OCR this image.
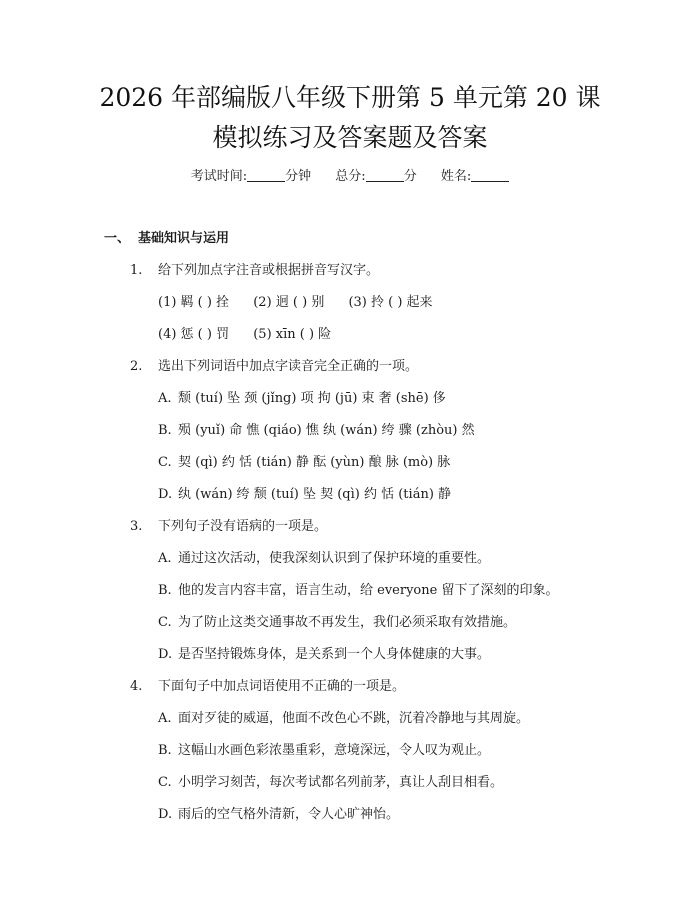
2026 年部编版八年级下册第 5 单元第 20 课
模拟练习及答案题及答案
考试时间:	分钟 总分:	分 姓名:
一、 基础知识与运用
1. 给下列加点字注音或根据拼音写汉字。
(1) 羁 ( ) 拴 (2) 迥 ( ) 别 (3) 拎 ( ) 起来
(4) 惩 ( ) 罚 (5) xīn ( ) 险
2. 选出下列词语中加点字读音完全正确的一项。
A. 颓 (tuí) 坠 颈 (jǐng) 项 拘 (jū) 束 奢 (shē) 侈
B. 殒 (yuǐ) 命 憔 (qiáo) 憔 纨 (wán) 绔 骤 (zhòu) 然
C. 契 (qì) 约 恬 (tián) 静 酝 (yùn) 酿 脉 (mò) 脉
D. 纨 (wán) 绔 颓 (tuí) 坠 契 (qì) 约 恬 (tián) 静
3. 下列句子没有语病的一项是。
A. 通过这次活动，使我深刻认识到了保护环境的重要性。
B. 他的发言内容丰富，语言生动，给 everyone 留下了深刻的印象。
C. 为了防止这类交通事故不再发生，我们必须采取有效措施。
D. 是否坚持锻炼身体，是关系到一个人身体健康的大事。
4. 下面句子中加点词语使用不正确的一项是。
A. 面对歹徒的威逼，他面不改色心不跳，沉着冷静地与其周旋。
B. 这幅山水画色彩浓墨重彩，意境深远，令人叹为观止。
C. 小明学习刻苦，每次考试都名列前茅，真让人刮目相看。
D. 雨后的空气格外清新，令人心旷神怡。
